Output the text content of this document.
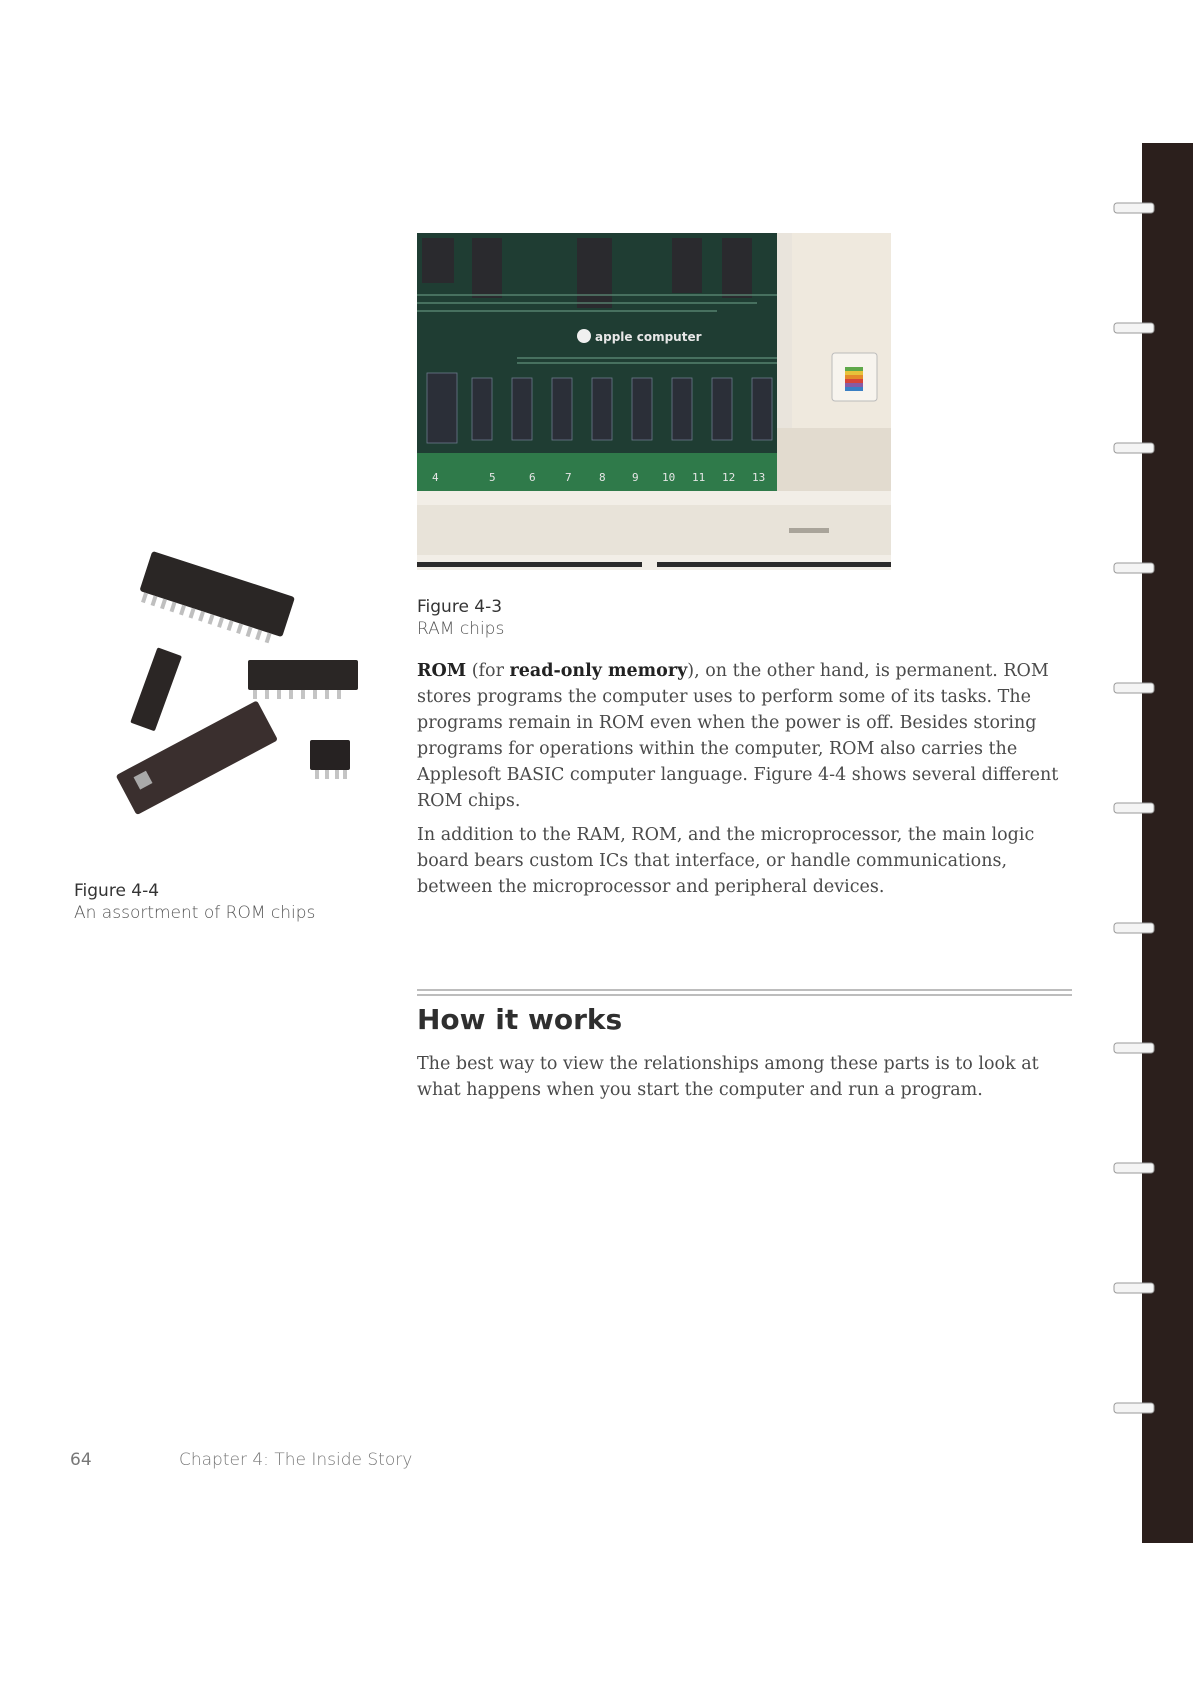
apple computer
4	5	6	7 8 9 10 11 12 13
Figure 4-3
RAM chips
Figure 4-4
An assortment of ROM chips

ROM (for read-only memory), on the other hand, is permanent. ROM stores programs the computer uses to perform some of its tasks. The programs remain in ROM even when the power is off. Besides storing programs for operations within the computer, ROM also carries the Applesoft BASIC computer language. Figure 4-4 shows several different ROM chips.

In addition to the RAM, ROM, and the microprocessor, the main logic board bears custom ICs that interface, or handle communications, between the microprocessor and peripheral devices.

How it works

The best way to view the relationships among these parts is to look at what happens when you start the computer and run a program.

64	Chapter 4: The Inside Story
